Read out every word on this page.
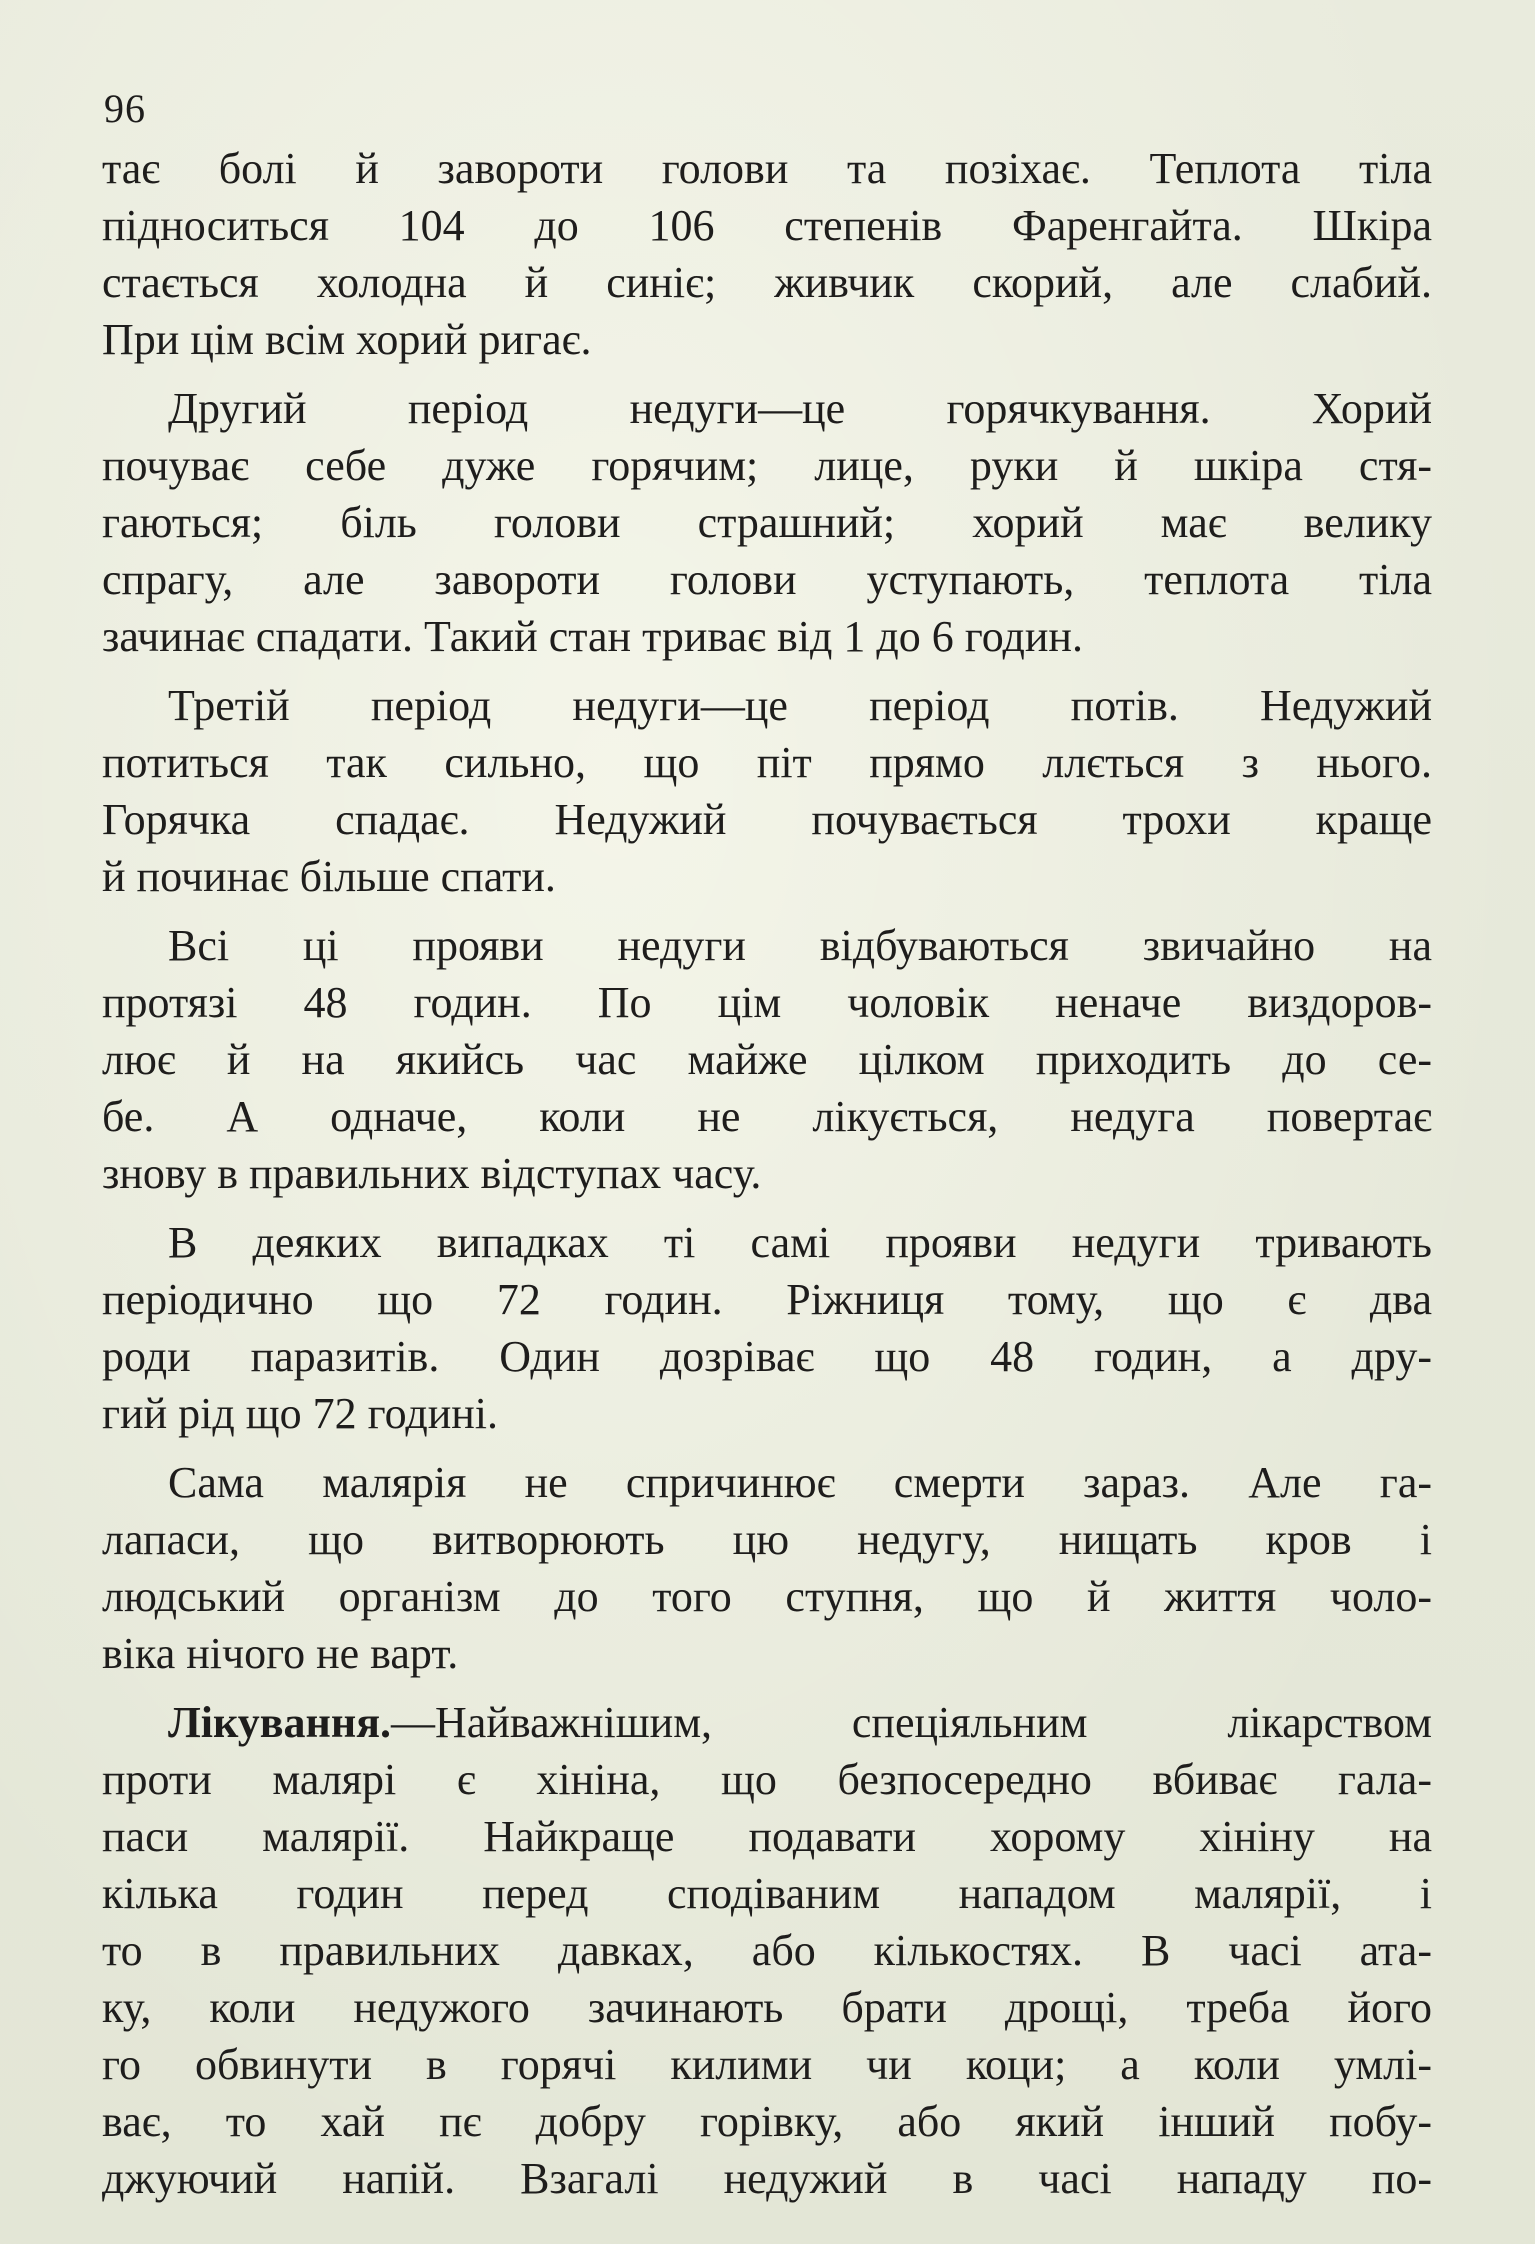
96
тає болі й завороти голови та позіхає. Теплота тіла
підноситься 104 до 106 степенів Фаренгайта. Шкіра
стається холодна й синіє; живчик скорий, але слабий.
При цім всім хорий ригає.
Другий період недуги—це горячкування. Хорий
почуває себе дуже горячим; лице, руки й шкіра стя-
гаються; біль голови страшний; хорий має велику
спрагу, але завороти голови уступають, теплота тіла
зачинає спадати. Такий стан триває від 1 до 6 годин.
Третій період недуги—це період потів. Недужий
потиться так сильно, що піт прямо ллється з нього.
Горячка спадає. Недужий почувається трохи краще
й починає більше спати.
Всі ці прояви недуги відбуваються звичайно на
протязі 48 годин. По цім чоловік неначе виздоров-
лює й на якийсь час майже цілком приходить до се-
бе. А одначе, коли не лікується, недуга повертає
знову в правильних відступах часу.
В деяких випадках ті самі прояви недуги тривають
періодично що 72 годин. Ріжниця тому, що є два
роди паразитів. Один дозріває що 48 годин, а дру-
гий рід що 72 годині.
Сама малярія не спричинює смерти зараз. Але га-
лапаси, що витворюють цю недугу, нищать кров і
людський організм до того ступня, що й життя чоло-
віка нічого не варт.
Лікування.—Найважнішим, спеціяльним лікарством
проти малярі є хініна, що безпосередно вбиває гала-
паси малярії. Найкраще подавати хорому хініну на
кілька годин перед сподіваним нападом малярії, і
то в правильних давках, або кількостях. В часі ата-
ку, коли недужого зачинають брати дрощі, треба його
го обвинути в горячі килими чи коци; а коли умлі-
ває, то хай пє добру горівку, або який інший побу-
джуючий напій. Взагалі недужий в часі нападу по-
